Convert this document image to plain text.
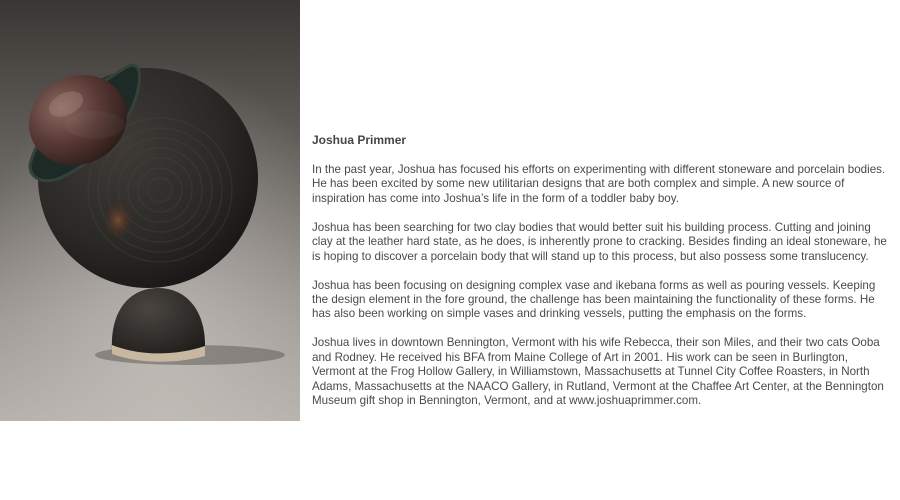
Joshua Primmer

In the past year, Joshua has focused his efforts on experimenting with different stoneware and porcelain bodies. He has been excited by some new utilitarian designs that are both complex and simple. A new source of inspiration has come into Joshua’s life in the form of a toddler baby boy.

Joshua has been searching for two clay bodies that would better suit his building process. Cutting and joining clay at the leather hard state, as he does, is inherently prone to cracking. Besides finding an ideal stoneware, he is hoping to discover a porcelain body that will stand up to this process, but also possess some translucency.

Joshua has been focusing on designing complex vase and ikebana forms as well as pouring vessels. Keeping the design element in the fore ground, the challenge has been maintaining the functionality of these forms. He has also been working on simple vases and drinking vessels, putting the emphasis on the forms.

Joshua lives in downtown Bennington, Vermont with his wife Rebecca, their son Miles, and their two cats Ooba and Rodney. He received his BFA from Maine College of Art in 2001. His work can be seen in Burlington, Vermont at the Frog Hollow Gallery, in Williamstown, Massachusetts at Tunnel City Coffee Roasters, in North Adams, Massachusetts at the NAACO Gallery, in Rutland, Vermont at the Chaffee Art Center, at the Bennington Museum gift shop in Bennington, Vermont, and at www.joshuaprimmer.com.
